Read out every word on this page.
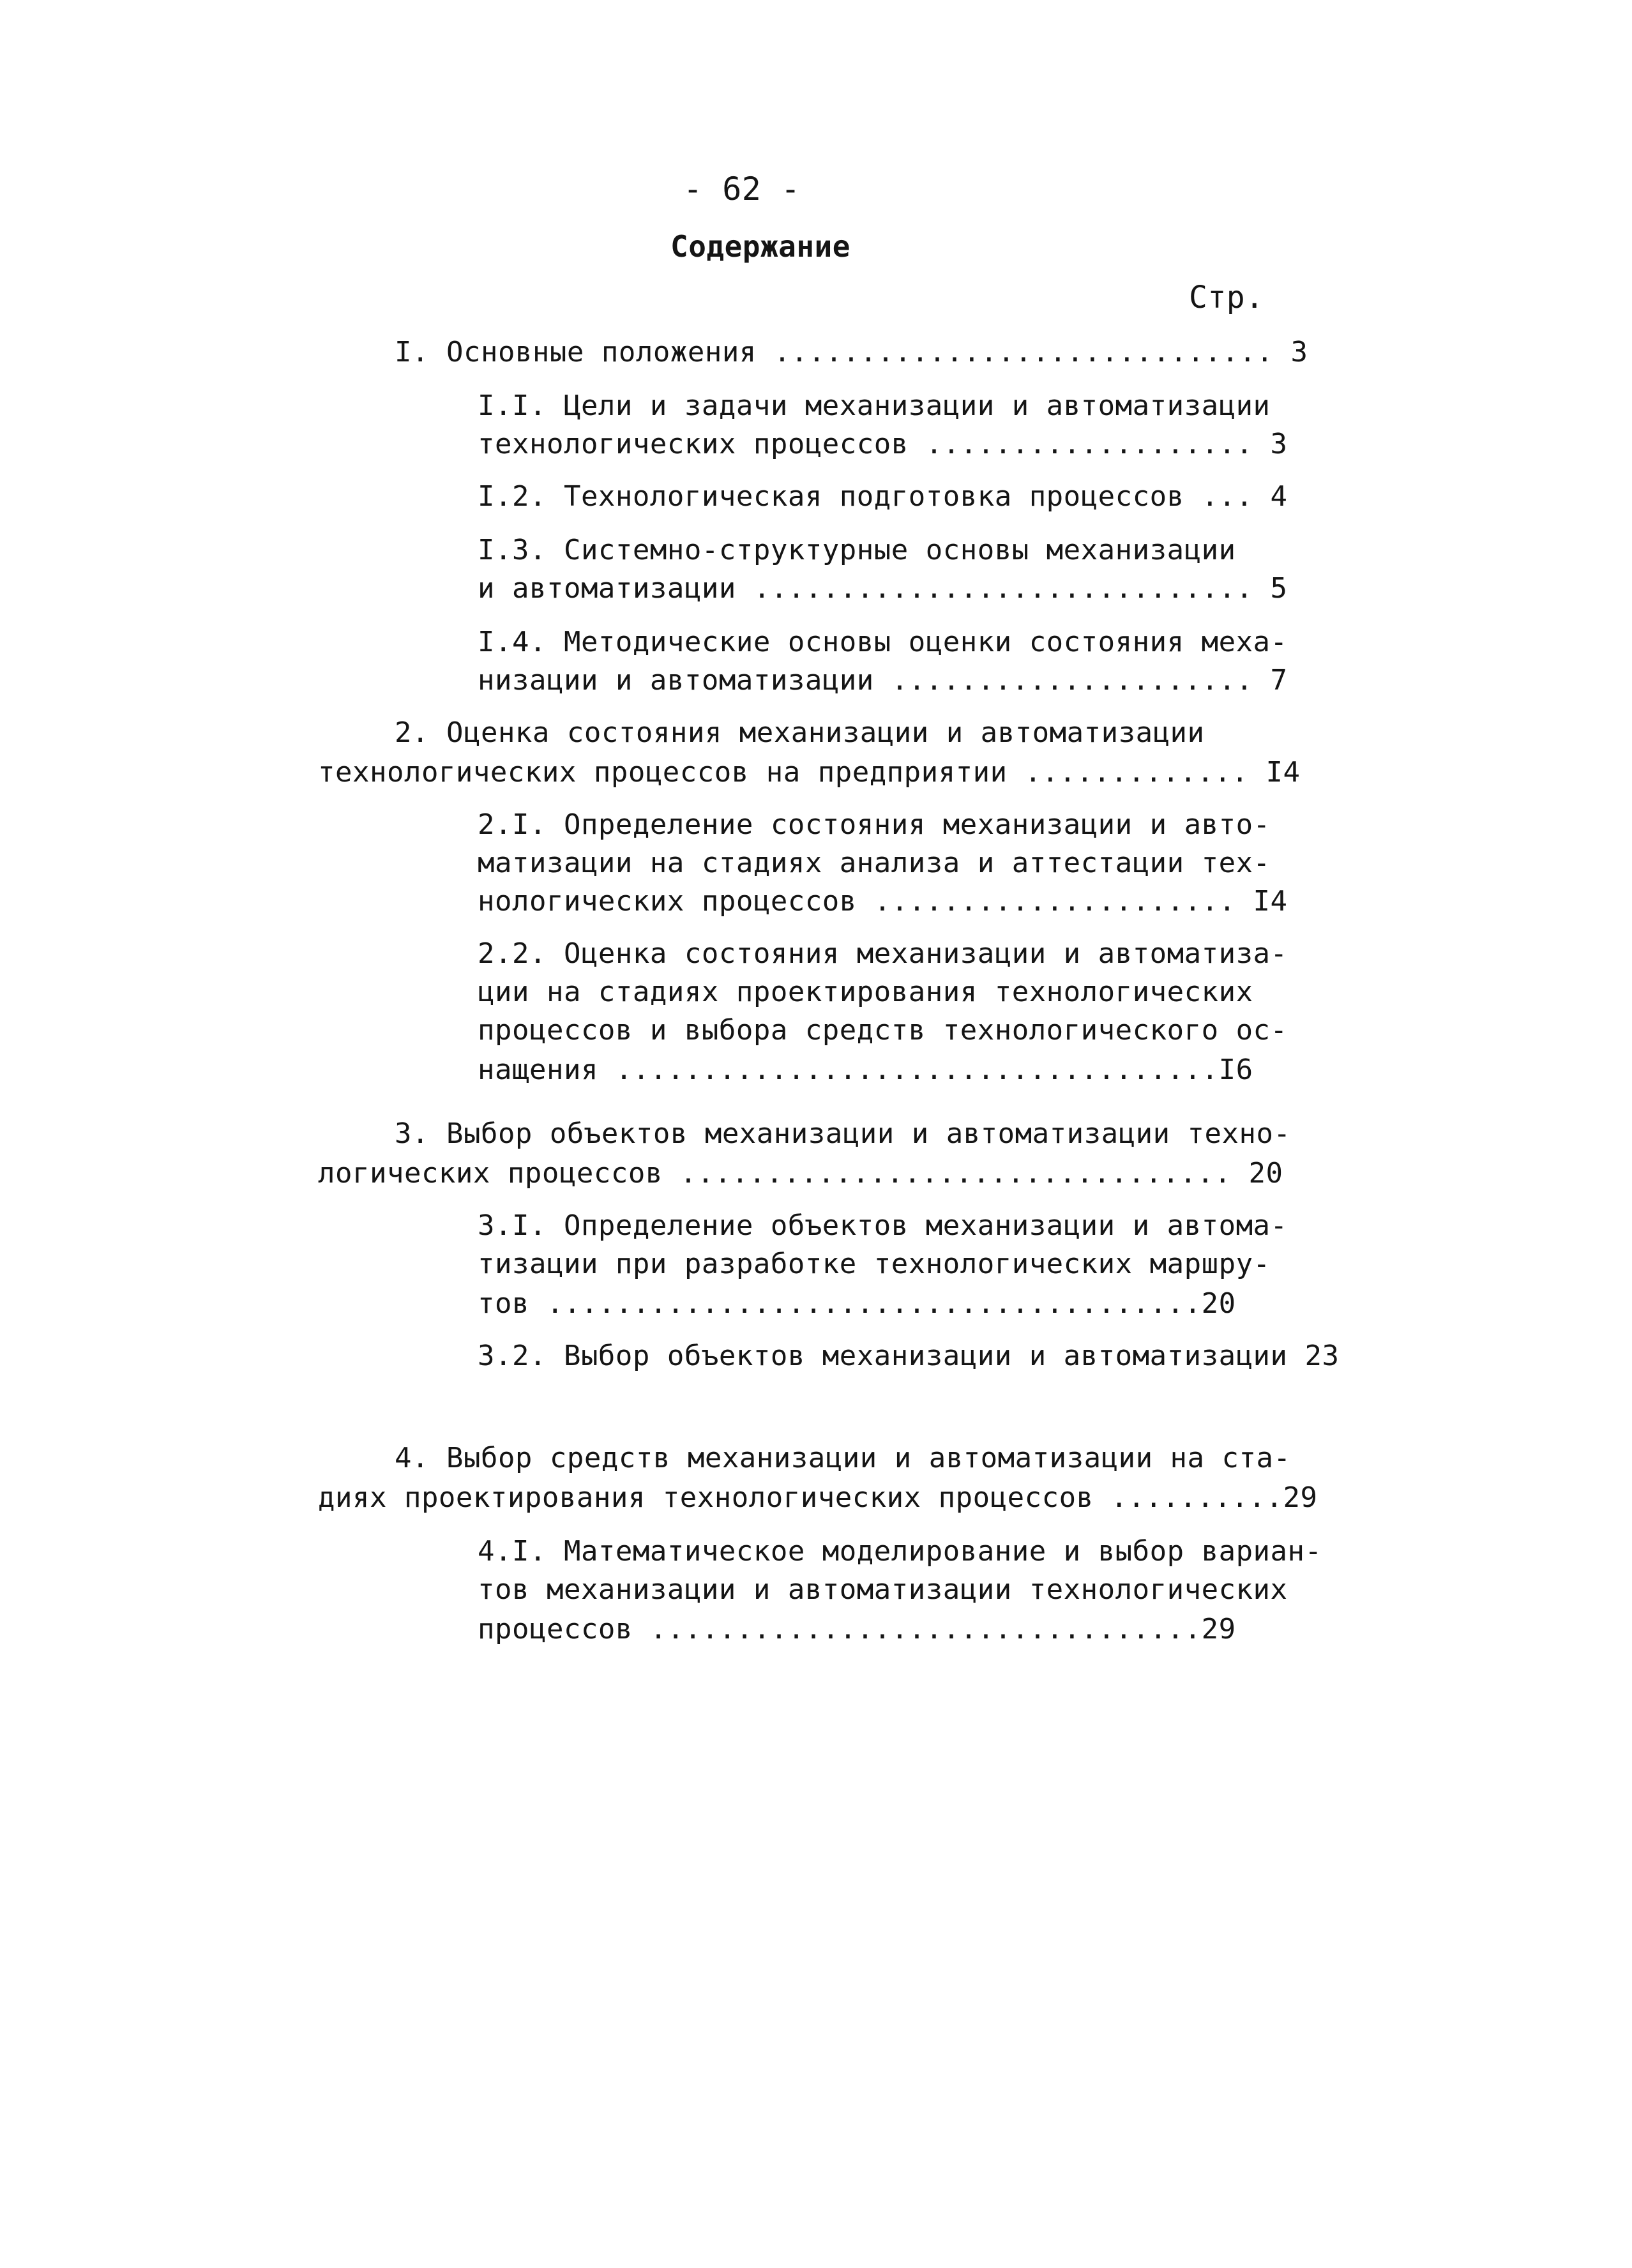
- 62 -
Содержание
Стр.
I. Основные положения ............................. 3
I.I. Цели и задачи механизации и автоматизации
технологических процессов ................... 3
I.2. Технологическая подготовка процессов ... 4
I.3. Системно-структурные основы механизации
и автоматизации ............................. 5
I.4. Методические основы оценки состояния меха-
низации и автоматизации ..................... 7
2. Оценка состояния механизации и автоматизации
технологических процессов на предприятии ............. I4
2.I. Определение состояния механизации и авто-
матизации на стадиях анализа и аттестации тех-
нологических процессов ..................... I4
2.2. Оценка состояния механизации и автоматиза-
ции на стадиях проектирования технологических
процессов и выбора средств технологического ос-
нащения ...................................I6
3. Выбор объектов механизации и автоматизации техно-
логических процессов ................................ 20
3.I. Определение объектов механизации и автома-
тизации при разработке технологических маршру-
тов ......................................20
3.2. Выбор объектов механизации и автоматизации 23
4. Выбор средств механизации и автоматизации на ста-
диях проектирования технологических процессов ..........29
4.I. Математическое моделирование и выбор вариан-
тов механизации и автоматизации технологических
процессов ................................29
